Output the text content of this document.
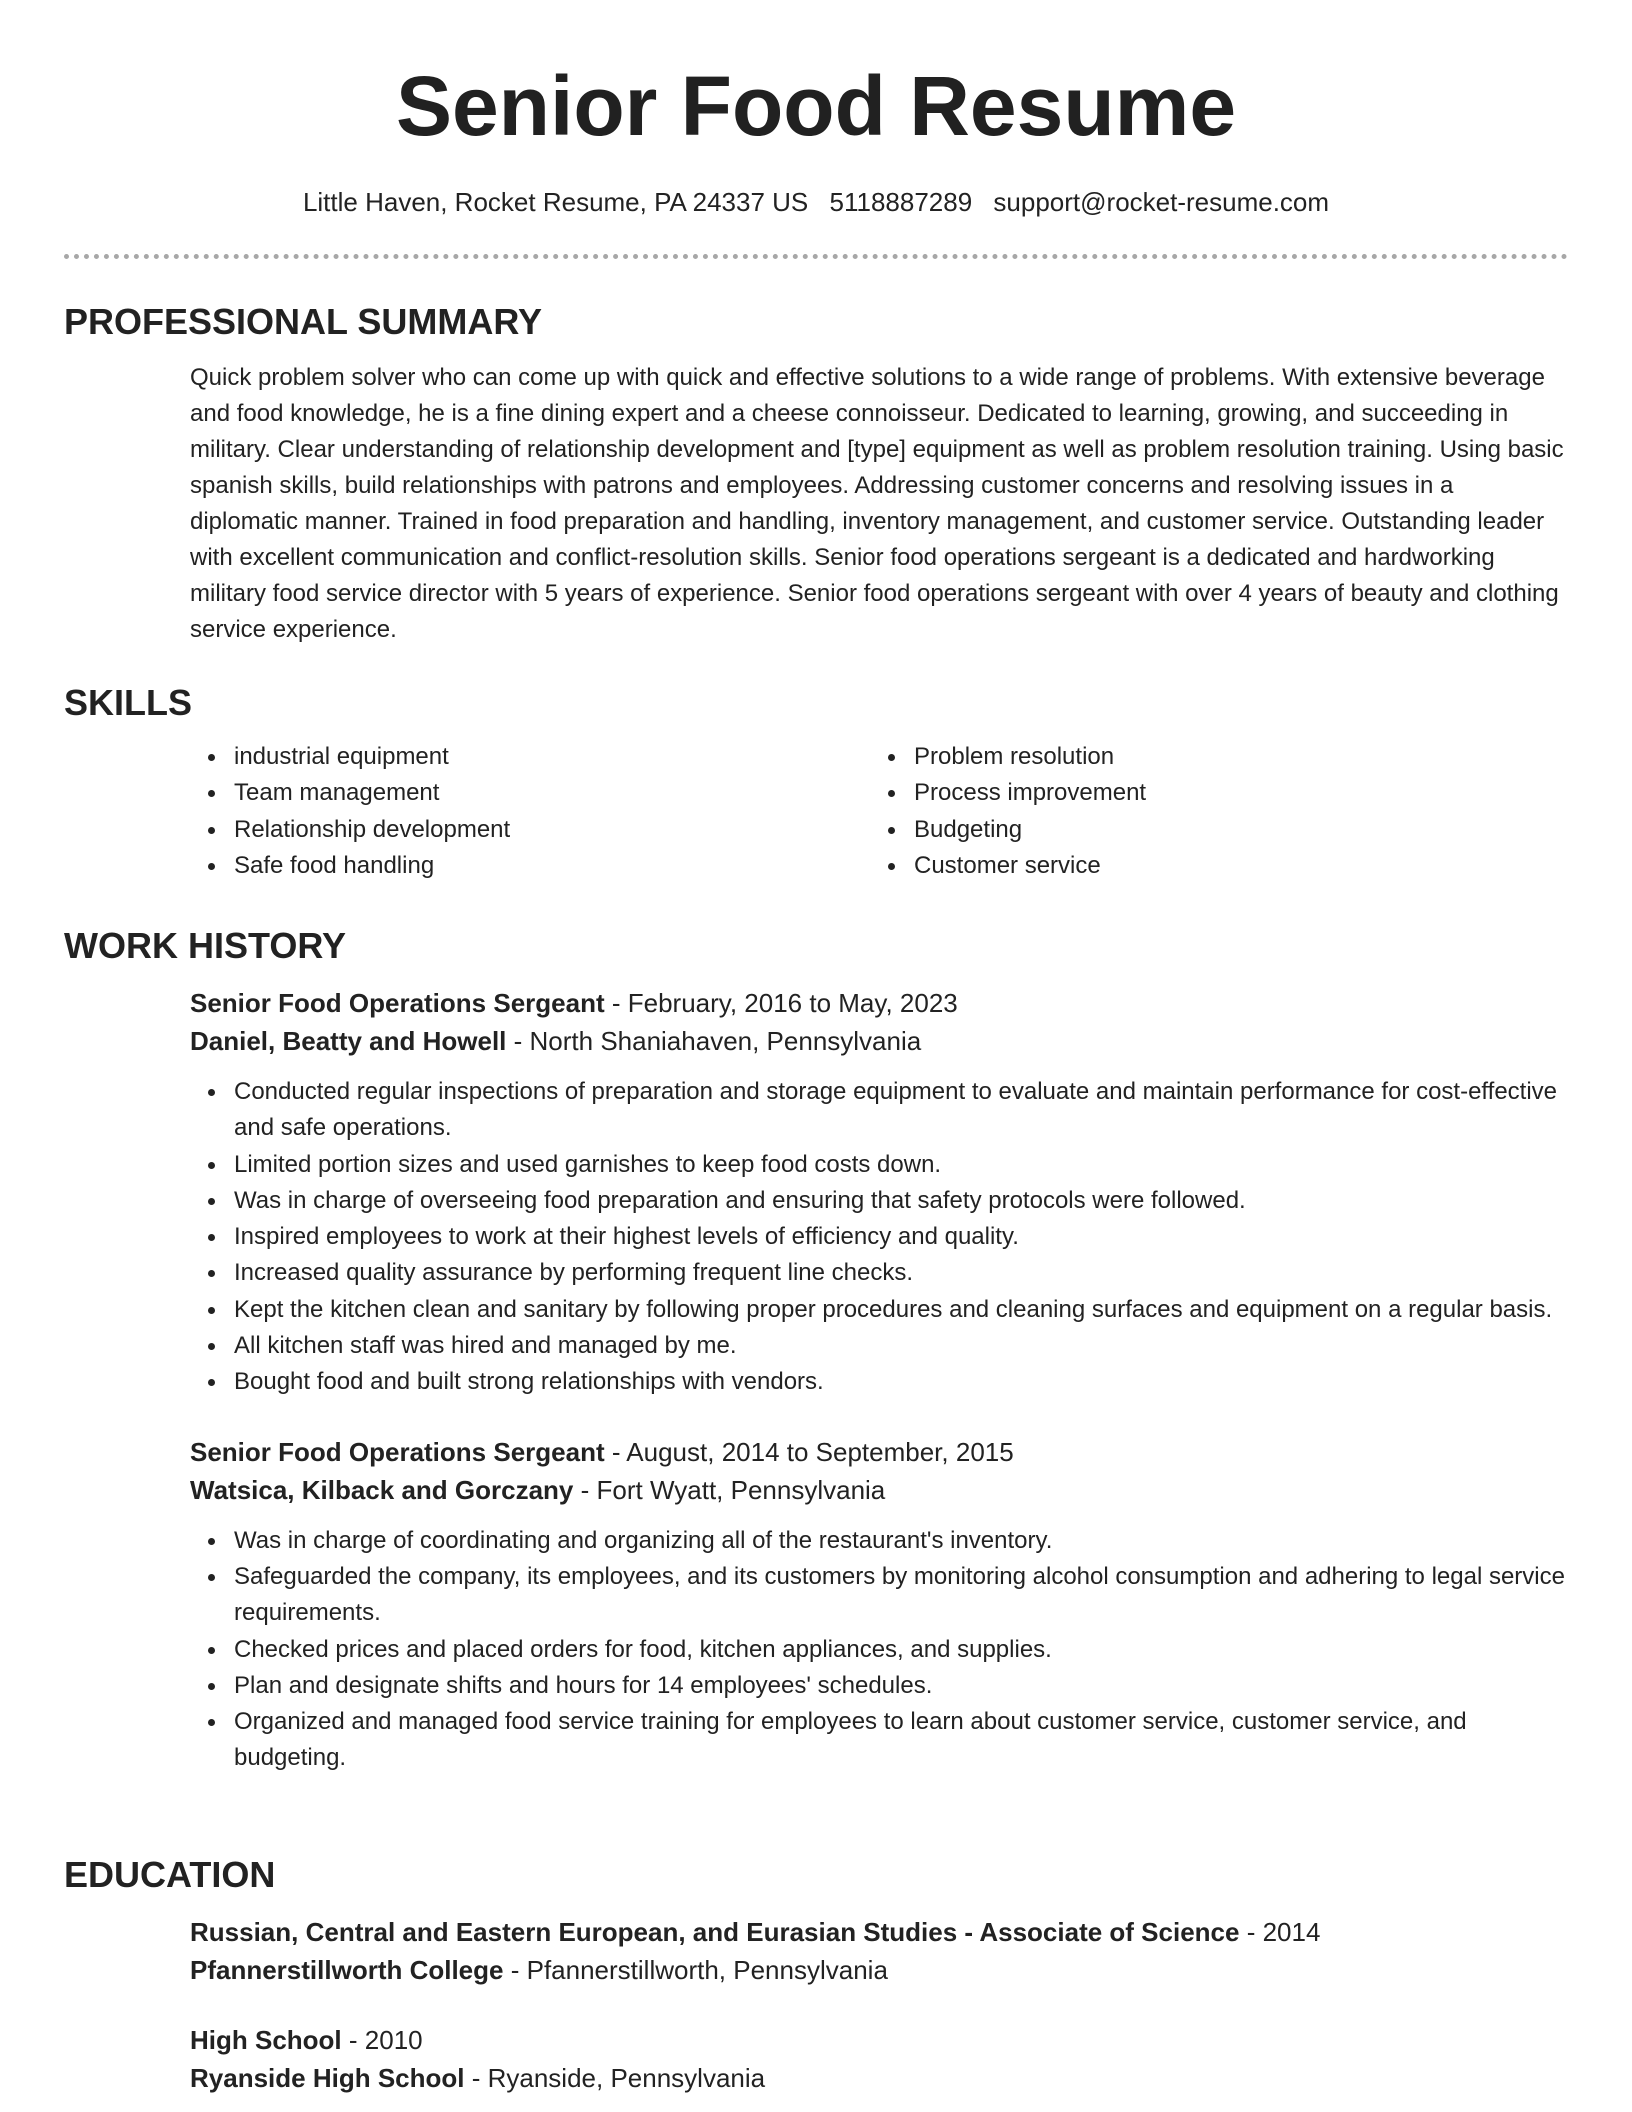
Senior Food Resume
Little Haven, Rocket Resume, PA 24337 US 5118887289 support@rocket-resume.com
PROFESSIONAL SUMMARY
Quick problem solver who can come up with quick and effective solutions to a wide range of problems. With extensive beverage and food knowledge, he is a fine dining expert and a cheese connoisseur. Dedicated to learning, growing, and succeeding in military. Clear understanding of relationship development and [type] equipment as well as problem resolution training. Using basic spanish skills, build relationships with patrons and employees. Addressing customer concerns and resolving issues in a diplomatic manner. Trained in food preparation and handling, inventory management, and customer service. Outstanding leader with excellent communication and conflict-resolution skills. Senior food operations sergeant is a dedicated and hardworking military food service director with 5 years of experience. Senior food operations sergeant with over 4 years of beauty and clothing service experience.
SKILLS
industrial equipment
Team management
Relationship development
Safe food handling
Problem resolution
Process improvement
Budgeting
Customer service
WORK HISTORY
Senior Food Operations Sergeant - February, 2016 to May, 2023
Daniel, Beatty and Howell - North Shaniahaven, Pennsylvania
Conducted regular inspections of preparation and storage equipment to evaluate and maintain performance for cost-effective and safe operations.
Limited portion sizes and used garnishes to keep food costs down.
Was in charge of overseeing food preparation and ensuring that safety protocols were followed.
Inspired employees to work at their highest levels of efficiency and quality.
Increased quality assurance by performing frequent line checks.
Kept the kitchen clean and sanitary by following proper procedures and cleaning surfaces and equipment on a regular basis.
All kitchen staff was hired and managed by me.
Bought food and built strong relationships with vendors.
Senior Food Operations Sergeant - August, 2014 to September, 2015
Watsica, Kilback and Gorczany - Fort Wyatt, Pennsylvania
Was in charge of coordinating and organizing all of the restaurant's inventory.
Safeguarded the company, its employees, and its customers by monitoring alcohol consumption and adhering to legal service requirements.
Checked prices and placed orders for food, kitchen appliances, and supplies.
Plan and designate shifts and hours for 14 employees' schedules.
Organized and managed food service training for employees to learn about customer service, customer service, and budgeting.
EDUCATION
Russian, Central and Eastern European, and Eurasian Studies - Associate of Science - 2014
Pfannerstillworth College - Pfannerstillworth, Pennsylvania
High School - 2010
Ryanside High School - Ryanside, Pennsylvania
